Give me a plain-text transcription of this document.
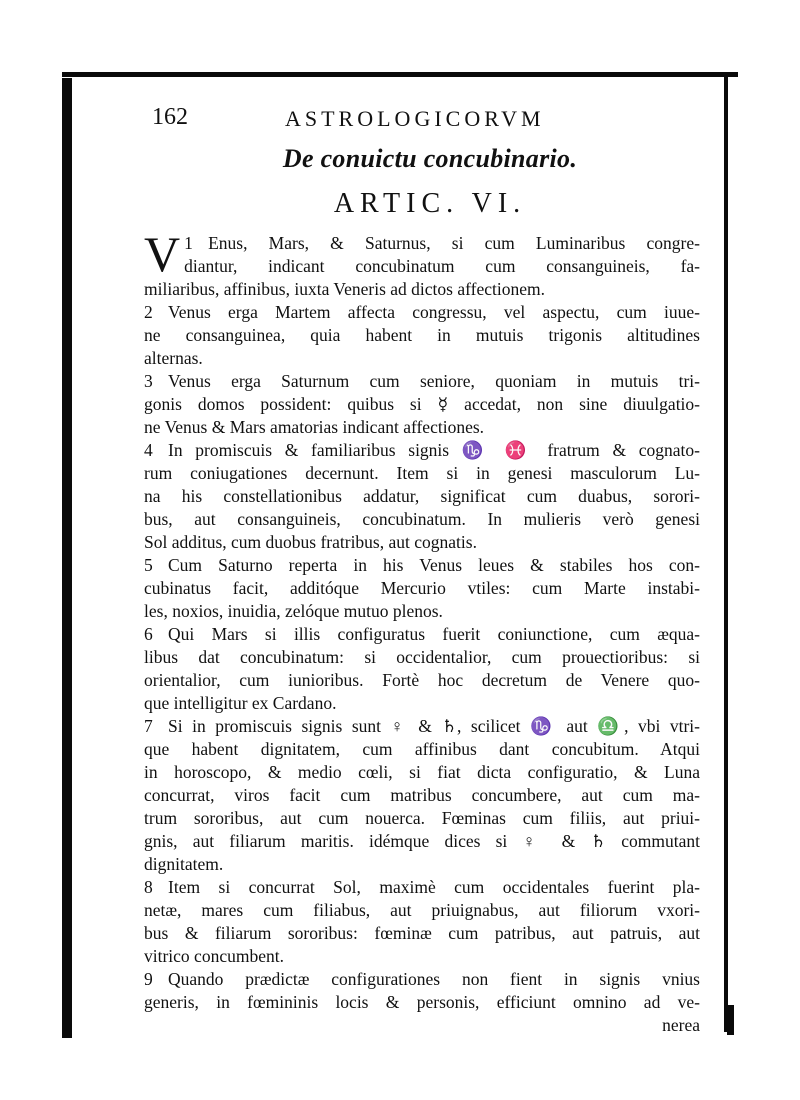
162	ASTROLOGICORVM
De conuictu concubinario.
ARTIC. VI.
1
V Enus, Mars, & Saturnus, si cum Luminaribus congre-
diantur, indicant concubinatum cum consanguineis, fa-
miliaribus, affinibus, iuxta Veneris ad dictos affectionem.
2 Venus erga Martem affecta congressu, vel aspectu, cum iuue-
ne consanguinea, quia habent in mutuis trigonis altitudines
alternas.
3 Venus erga Saturnum cum seniore, quoniam in mutuis tri-
gonis domos possident: quibus si ☿ accedat, non sine diuulgatio-
ne Venus & Mars amatorias indicant affectiones.
4 In promiscuis & familiaribus signis ♑ ♓ fratrum & cognato-
rum coniugationes decernunt. Item si in genesi masculorum Lu-
na his constellationibus addatur, significat cum duabus, sorori-
bus, aut consanguineis, concubinatum. In mulieris verò genesi
Sol additus, cum duobus fratribus, aut cognatis.
5 Cum Saturno reperta in his Venus leues & stabiles hos con-
cubinatus facit, additóque Mercurio vtiles: cum Marte instabi-
les, noxios, inuidia, zelóque mutuo plenos.
6 Qui Mars si illis configuratus fuerit coniunctione, cum æqua-
libus dat concubinatum: si occidentalior, cum prouectioribus: si
orientalior, cum iunioribus. Fortè hoc decretum de Venere quo-
que intelligitur ex Cardano.
7 Si in promiscuis signis sunt ♀ & ♄, scilicet ♑ aut ♎, vbi vtri-
que habent dignitatem, cum affinibus dant concubitum. Atqui
in horoscopo, & medio cœli, si fiat dicta configuratio, & Luna
concurrat, viros facit cum matribus concumbere, aut cum ma-
trum sororibus, aut cum nouerca. Fœminas cum filiis, aut priui-
gnis, aut filiarum maritis. idémque dices si ♀ & ♄ commutant
dignitatem.
8 Item si concurrat Sol, maximè cum occidentales fuerint pla-
netæ, mares cum filiabus, aut priuignabus, aut filiorum vxori-
bus & filiarum sororibus: fœminæ cum patribus, aut patruis, aut
vitrico concumbent.
9 Quando prædictæ configurationes non fient in signis vnius
generis, in fœmininis locis & personis, efficiunt omnino ad ve-
nerea
